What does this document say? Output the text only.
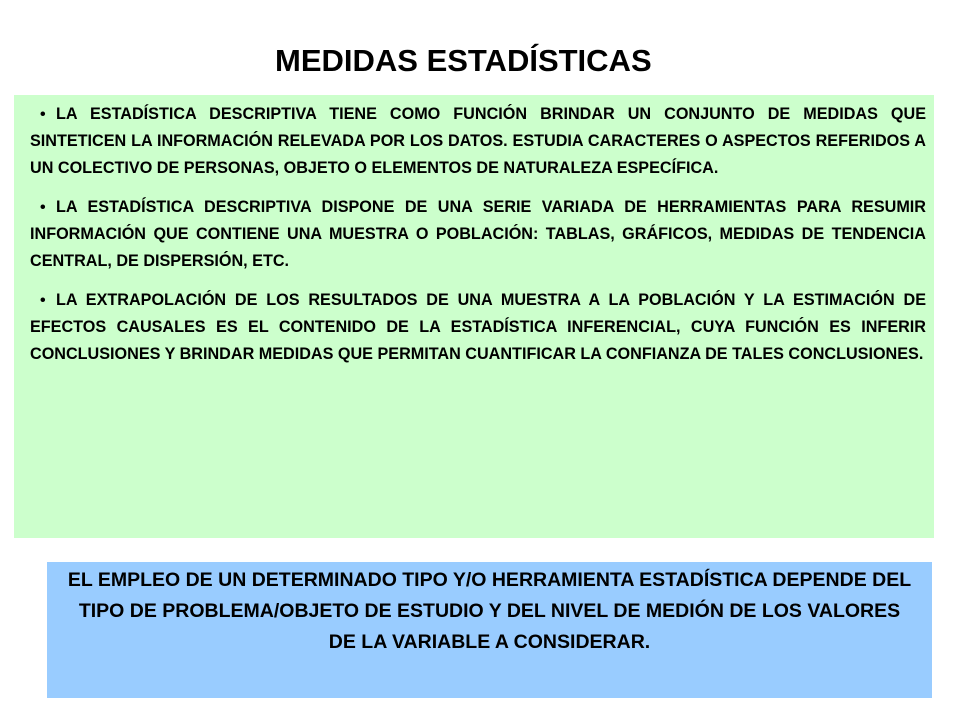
MEDIDAS ESTADÍSTICAS
• LA ESTADÍSTICA DESCRIPTIVA TIENE COMO FUNCIÓN BRINDAR UN CONJUNTO DE MEDIDAS QUE SINTETICEN LA INFORMACIÓN RELEVADA POR LOS DATOS. ESTUDIA CARACTERES O ASPECTOS REFERIDOS A UN COLECTIVO DE PERSONAS, OBJETO O ELEMENTOS DE NATURALEZA ESPECÍFICA.
• LA ESTADÍSTICA DESCRIPTIVA DISPONE DE UNA SERIE VARIADA DE HERRAMIENTAS PARA RESUMIR INFORMACIÓN QUE CONTIENE UNA MUESTRA O POBLACIÓN: TABLAS, GRÁFICOS, MEDIDAS DE TENDENCIA CENTRAL, DE DISPERSIÓN, ETC.
• LA EXTRAPOLACIÓN DE LOS RESULTADOS DE UNA MUESTRA A LA POBLACIÓN Y LA ESTIMACIÓN DE EFECTOS CAUSALES ES EL CONTENIDO DE LA ESTADÍSTICA INFERENCIAL, CUYA FUNCIÓN ES INFERIR CONCLUSIONES Y BRINDAR MEDIDAS QUE PERMITAN CUANTIFICAR LA CONFIANZA DE TALES CONCLUSIONES.

EL EMPLEO DE UN DETERMINADO TIPO Y/O HERRAMIENTA ESTADÍSTICA DEPENDE DEL TIPO DE PROBLEMA/OBJETO DE ESTUDIO Y DEL NIVEL DE MEDIÓN DE LOS VALORES DE LA VARIABLE A CONSIDERAR.
